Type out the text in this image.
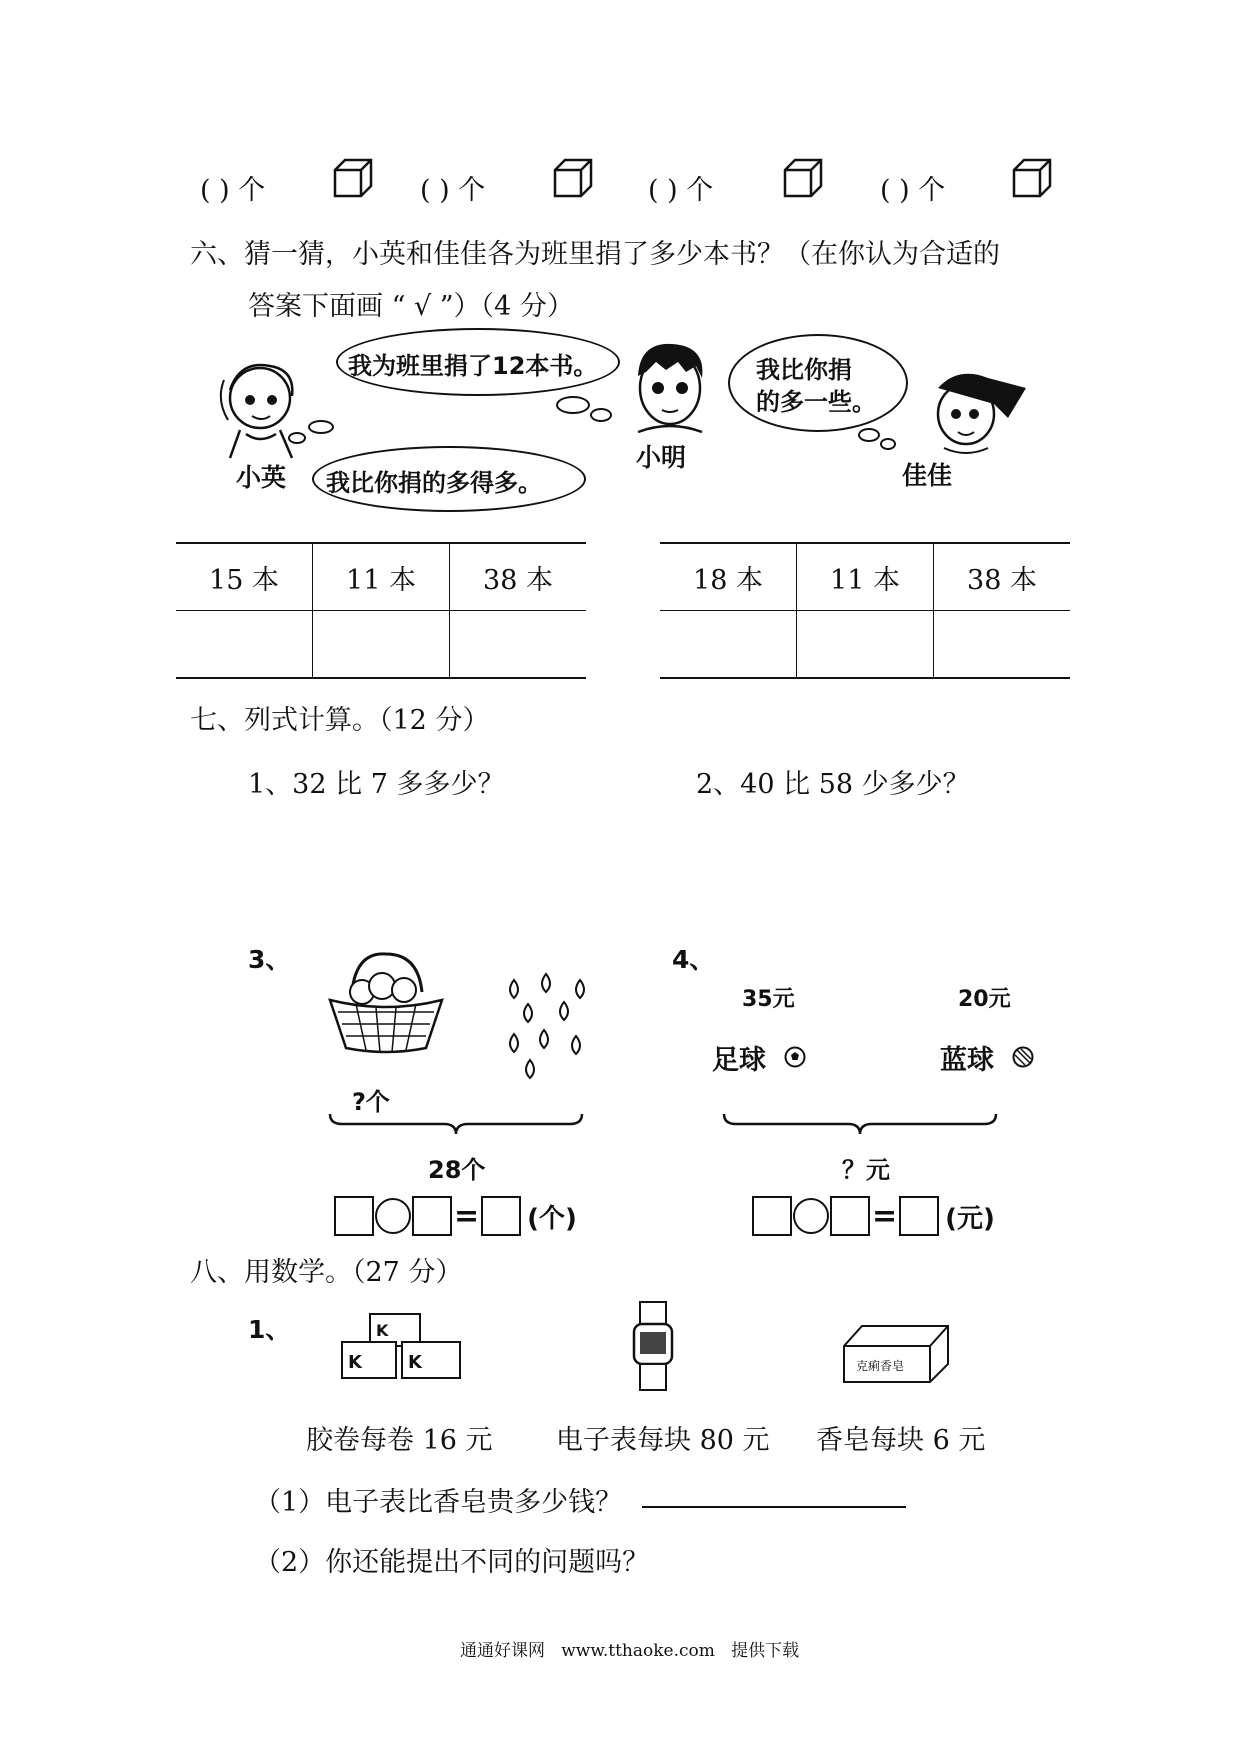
( ) 个	( ) 个	( ) 个	( ) 个
六、猜一猜，小英和佳佳各为班里捐了多少本书？（在你认为合适的
答案下面画 “ √ ”）（4 分）
小英
我为班里捐了12本书。
我比你捐的多得多。
小明
我比你捐
的多一些。
佳佳
15 本	11 本	38 本
			18 本	11 本	38 本

七、列式计算。（12 分）
1、32 比 7 多多少？	2、40 比 58 少多少？
3、
?个
28个
= (个)
4、
35元	20元
足球	蓝球
？元
= (元)
八、用数学。（27 分）
1、	K
K	K	克痢香皂
胶卷每卷 16 元 电子表每块 80 元 香皂每块 6 元
（1）电子表比香皂贵多少钱？
（2）你还能提出不同的问题吗？
通通好课网   www.tthaoke.com   提供下载
